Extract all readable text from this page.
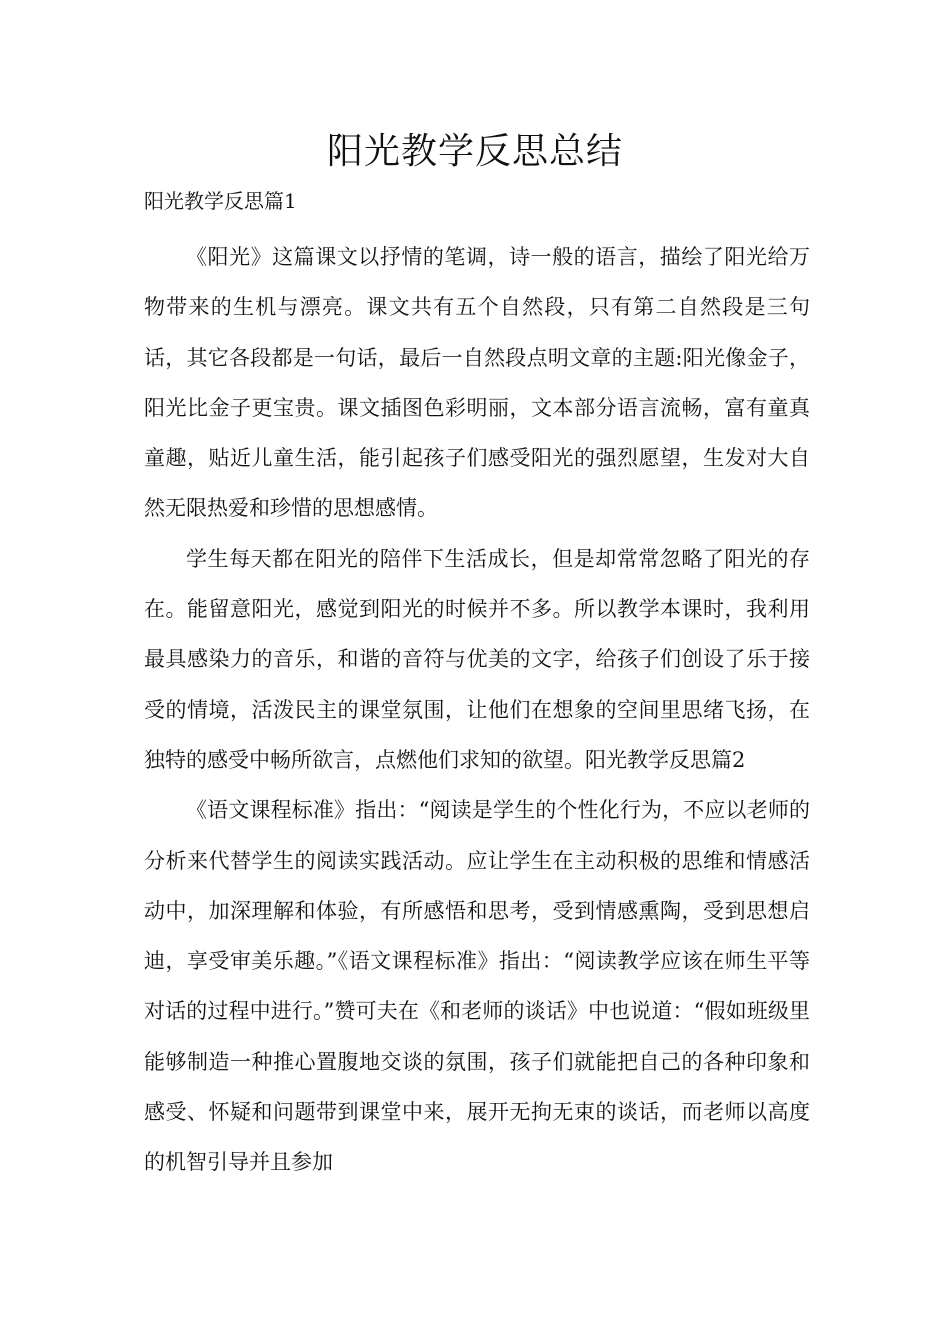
阳光教学反思总结
阳光教学反思篇1

《阳光》这篇课文以抒情的笔调，诗一般的语言，描绘了阳光给万物带来的生机与漂亮。课文共有五个自然段，只有第二自然段是三句话，其它各段都是一句话，最后一自然段点明文章的主题:阳光像金子，阳光比金子更宝贵。课文插图色彩明丽，文本部分语言流畅，富有童真童趣，贴近儿童生活，能引起孩子们感受阳光的强烈愿望，生发对大自然无限热爱和珍惜的思想感情。

学生每天都在阳光的陪伴下生活成长，但是却常常忽略了阳光的存在。能留意阳光，感觉到阳光的时候并不多。所以教学本课时，我利用最具感染力的音乐，和谐的音符与优美的文字，给孩子们创设了乐于接受的情境，活泼民主的课堂氛围，让他们在想象的空间里思绪飞扬，在独特的感受中畅所欲言，点燃他们求知的欲望。阳光教学反思篇2

《语文课程标准》指出：“阅读是学生的个性化行为，不应以老师的分析来代替学生的阅读实践活动。应让学生在主动积极的思维和情感活动中，加深理解和体验，有所感悟和思考，受到情感熏陶，受到思想启迪，享受审美乐趣。”《语文课程标准》指出：“阅读教学应该在师生平等对话的过程中进行。”赞可夫在《和老师的谈话》中也说道：“假如班级里能够制造一种推心置腹地交谈的氛围，孩子们就能把自己的各种印象和感受、怀疑和问题带到课堂中来，展开无拘无束的谈话，而老师以高度的机智引导并且参加
